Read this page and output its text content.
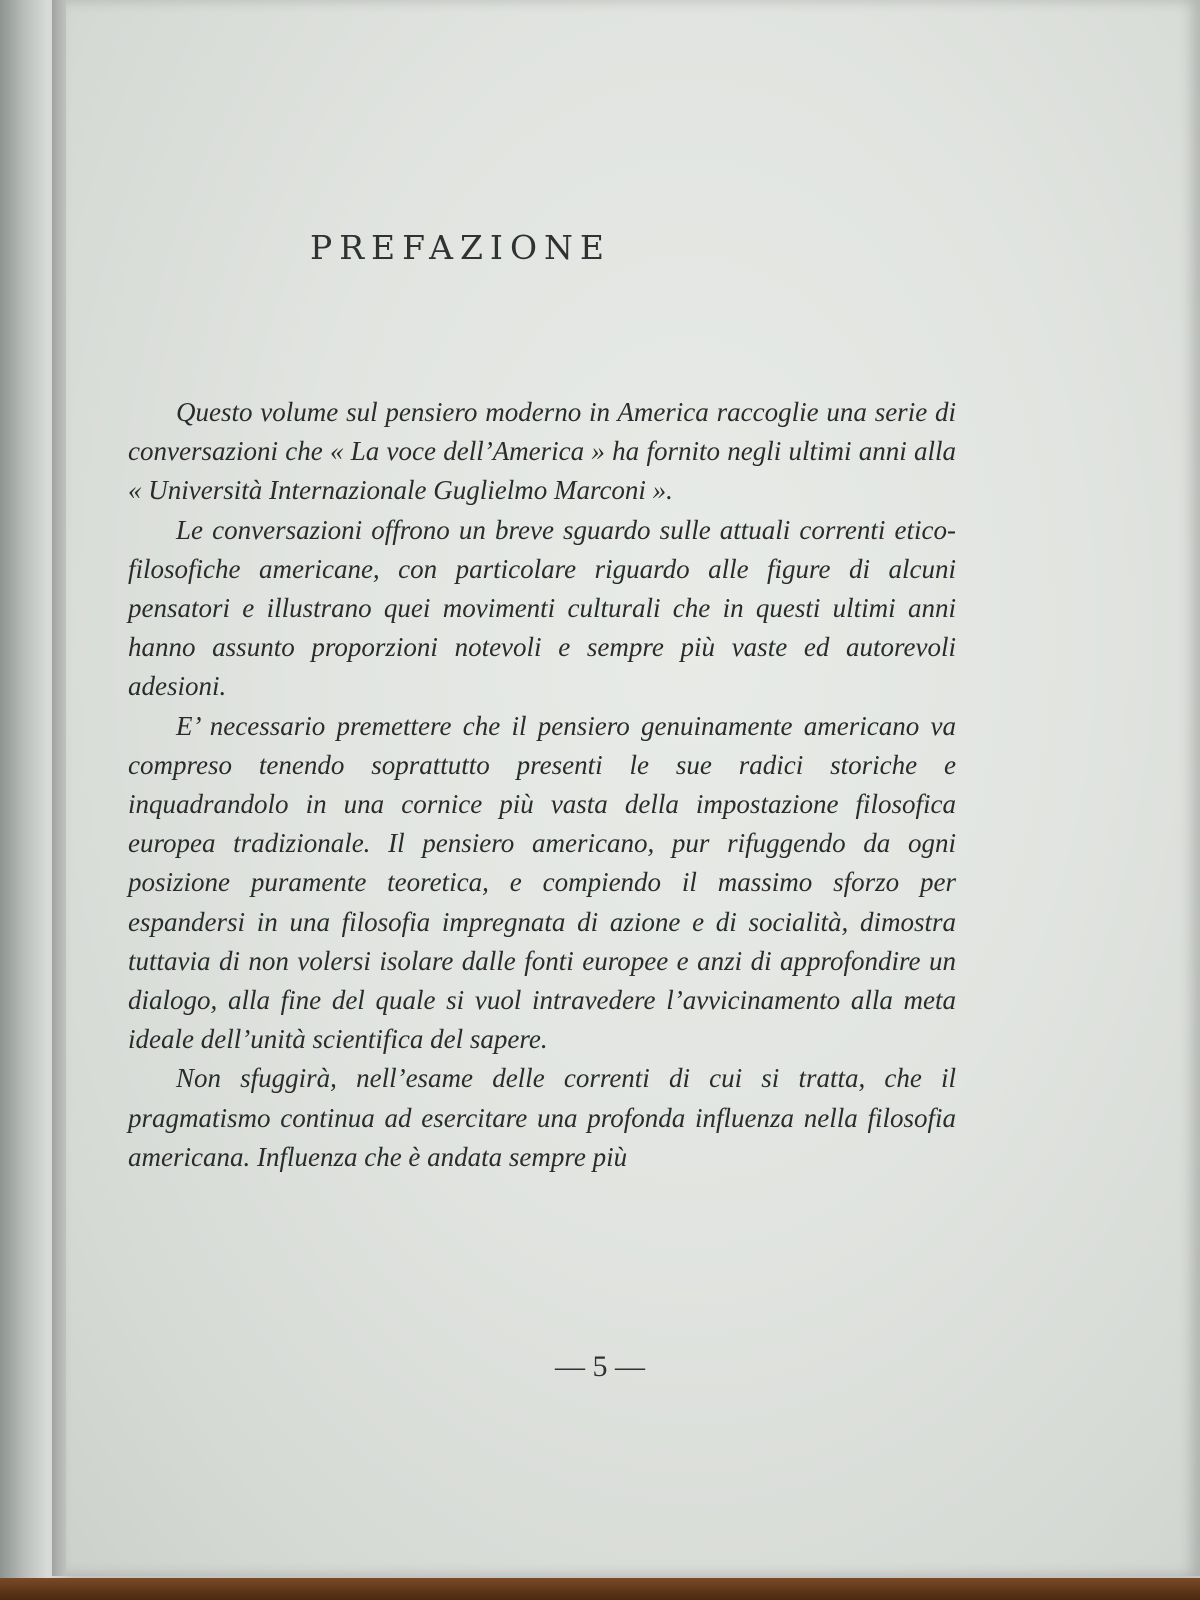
PREFAZIONE

Questo volume sul pensiero moderno in America raccoglie una serie di conversazioni che « La voce dell’America » ha fornito negli ultimi anni alla « Università Internazionale Guglielmo Marconi ».

Le conversazioni offrono un breve sguardo sulle attuali correnti etico-filosofiche americane, con particolare riguardo alle figure di alcuni pensatori e illustrano quei movimenti culturali che in questi ultimi anni hanno assunto proporzioni notevoli e sempre più vaste ed autorevoli adesioni.

E’ necessario premettere che il pensiero genuinamente americano va compreso tenendo soprattutto presenti le sue radici storiche e inquadrandolo in una cornice più vasta della impostazione filosofica europea tradizionale. Il pensiero americano, pur rifuggendo da ogni posizione puramente teoretica, e compiendo il massimo sforzo per espandersi in una filosofia impregnata di azione e di socialità, dimostra tuttavia di non volersi isolare dalle fonti europee e anzi di approfondire un dialogo, alla fine del quale si vuol intravedere l’avvicinamento alla meta ideale dell’unità scientifica del sapere.

Non sfuggirà, nell’esame delle correnti di cui si tratta, che il pragmatismo continua ad esercitare una profonda influenza nella filosofia americana. Influenza che è andata sempre più

— 5 —
